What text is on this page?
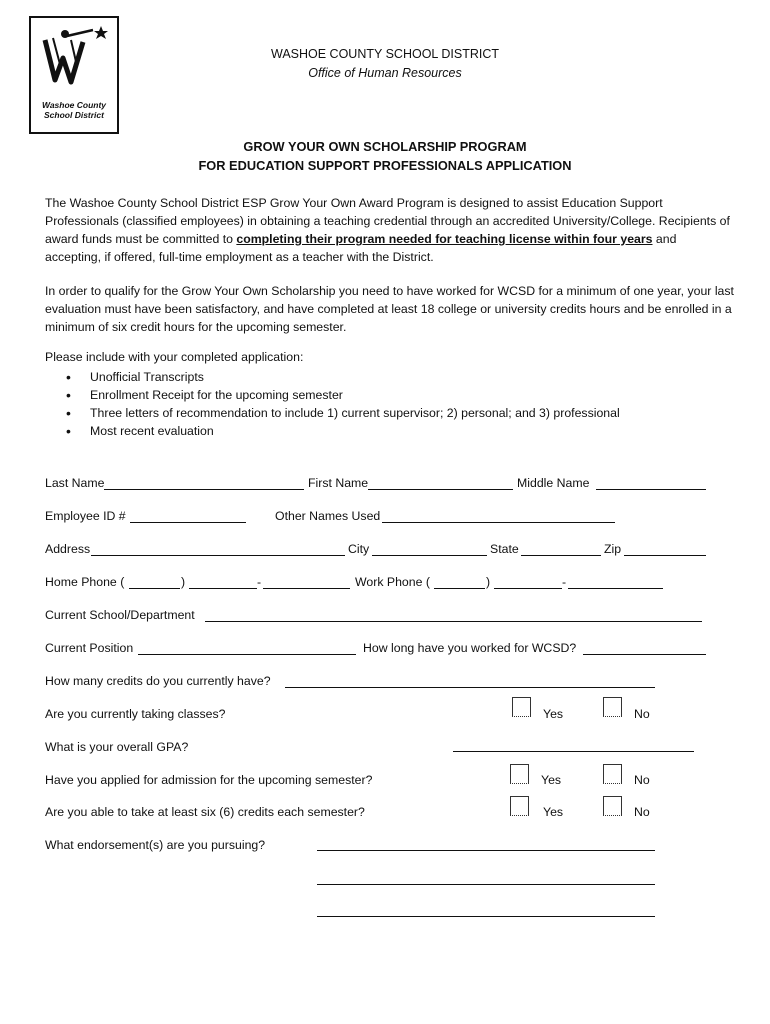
Washoe County
School District
WASHOE COUNTY SCHOOL DISTRICT
Office of Human Resources
GROW YOUR OWN SCHOLARSHIP PROGRAM
FOR EDUCATION SUPPORT PROFESSIONALS APPLICATION
The Washoe County School District ESP Grow Your Own Award Program is designed to assist Education Support Professionals (classified employees) in obtaining a teaching credential through an accredited University/College. Recipients of award funds must be committed to completing their program needed for teaching license within four years and accepting, if offered, full-time employment as a teacher with the District.
In order to qualify for the Grow Your Own Scholarship you need to have worked for WCSD for a minimum of one year, your last evaluation must have been satisfactory, and have completed at least 18 college or university credits hours and be enrolled in a minimum of six credit hours for the upcoming semester.
Please include with your completed application:
• Unofficial Transcripts
• Enrollment Receipt for the upcoming semester
• Three letters of recommendation to include 1) current supervisor; 2) personal; and 3) professional
• Most recent evaluation
Last Name	First Name	Middle Name
Employee ID #	Other Names Used
Address	City	State	Zip
Home Phone (	)	-	Work Phone (	)	-
Current School/Department
Current Position	How long have you worked for WCSD?
How many credits do you currently have?
Are you currently taking classes?	Yes	No
What is your overall GPA?
Have you applied for admission for the upcoming semester?	Yes	No
Are you able to take at least six (6) credits each semester?	Yes	No
What endorsement(s) are you pursuing?
